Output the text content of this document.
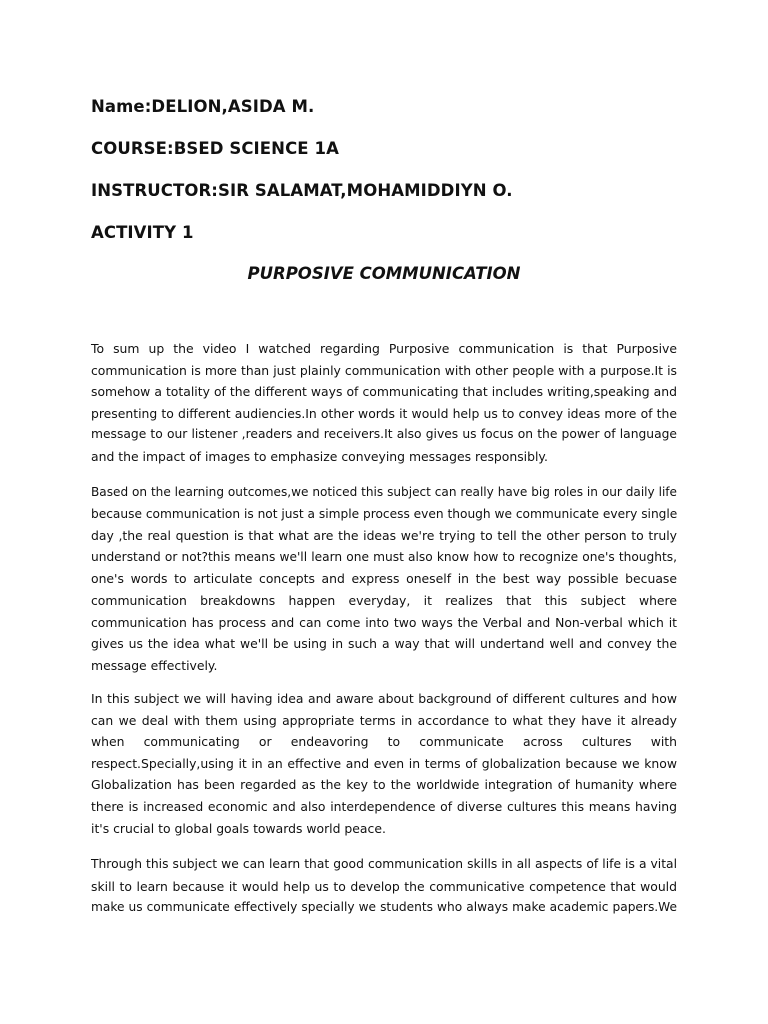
Name:DELION,ASIDA M.
COURSE:BSED SCIENCE 1A
INSTRUCTOR:SIR SALAMAT,MOHAMIDDIYN O.
ACTIVITY 1
PURPOSIVE COMMUNICATION
To sum up the video I watched regarding Purposive communication is that Purposive
communication is more than just plainly communication with other people with a purpose.It is
somehow a totality of the different ways of communicating that includes writing,speaking and
presenting to different audiencies.In other words it would help us to convey ideas more of the
message to our listener ,readers and receivers.It also gives us focus on the power of language
and the impact of images to emphasize conveying messages responsibly.
Based on the learning outcomes,we noticed this subject can really have big roles in our daily life
because communication is not just a simple process even though we communicate every single
day ,the real question is that what are the ideas we're trying to tell the other person to truly
understand or not?this means we'll learn one must also know how to recognize one's thoughts,
one's words to articulate concepts and express oneself in the best way possible becuase
communication breakdowns happen everyday, it realizes that this subject where
communication has process and can come into two ways the Verbal and Non-verbal which it
gives us the idea what we'll be using in such a way that will undertand well and convey the
message effectively.
In this subject we will having idea and aware about background of different cultures and how
can we deal with them using appropriate terms in accordance to what they have it already
when communicating or endeavoring to communicate across cultures with
respect.Specially,using it in an effective and even in terms of globalization because we know
Globalization has been regarded as the key to the worldwide integration of humanity where
there is increased economic and also interdependence of diverse cultures this means having
it's crucial to global goals towards world peace.
Through this subject we can learn that good communication skills in all aspects of life is a vital
skill to learn because it would help us to develop the communicative competence that would
make us communicate effectively specially we students who always make academic papers.We
